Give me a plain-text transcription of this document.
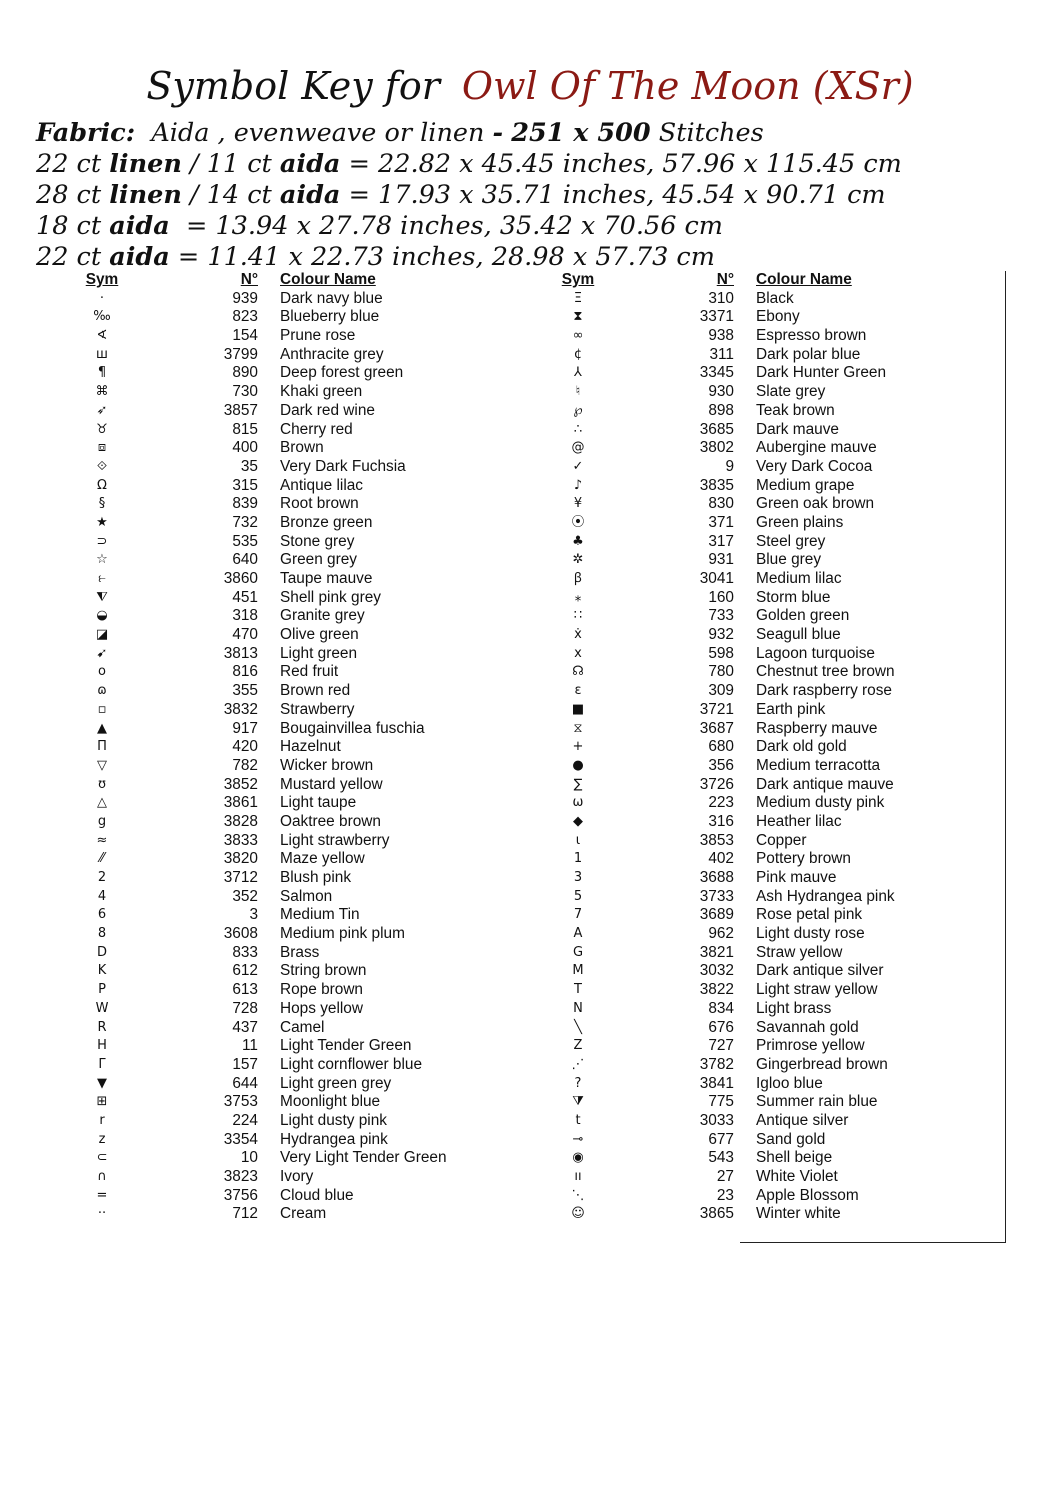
Symbol Key for Owl Of The Moon (XSr)
Fabric: Aida , evenweave or linen - 251 x 500 Stitches
22 ct linen / 11 ct aida = 22.82 x 45.45 inches, 57.96 x 115.45 cm
28 ct linen / 14 ct aida = 17.93 x 35.71 inches, 45.54 x 90.71 cm
18 ct aida = 13.94 x 27.78 inches, 35.42 x 70.56 cm
22 ct aida = 11.41 x 22.73 inches, 28.98 x 57.73 cm
Sym	N° Colour Name
·	939 Dark navy blue
‰	823 Blueberry blue
∢	154 Prune rose
ш	3799 Anthracite grey
¶	890 Deep forest green
⌘	730 Khaki green
➶	3857 Dark red wine
♉	815 Cherry red
⧈	400 Brown
⟐	35 Very Dark Fuchsia
Ω	315 Antique lilac
§	839 Root brown
★	732 Bronze green
⊃	535 Stone grey
☆	640 Green grey
⥼	3860 Taupe mauve
⧨	451 Shell pink grey
◒	318 Granite grey
◪	470 Olive green
➹	3813 Light green
o	816 Red fruit
ɷ	355 Brown red
▫	3832 Strawberry
▲	917 Bougainvillea fuschia
Π	420 Hazelnut
▽	782 Wicker brown
ʊ	3852 Mustard yellow
△	3861 Light taupe
g	3828 Oaktree brown
≈	3833 Light strawberry
⁄⁄	3820 Maze yellow
2	3712 Blush pink
4	352 Salmon
6	3 Medium Tin
8	3608 Medium pink plum
D	833 Brass
K	612 String brown
P	613 Rope brown
W	728 Hops yellow
R	437 Camel
H	11 Light Tender Green
Γ	157 Light cornflower blue
▼	644 Light green grey
⊞	3753 Moonlight blue
r	224 Light dusty pink
z	3354 Hydrangea pink
⊂	10 Very Light Tender Green
∩	3823 Ivory
=	3756 Cloud blue
··	712 Cream
Sym	N° Colour Name
Ξ	310 Black
⧗	3371 Ebony
∞	938 Espresso brown
¢	311 Dark polar blue
⅄	3345 Dark Hunter Green
♮	930 Slate grey
℘	898 Teak brown
∴	3685 Dark mauve
@	3802 Aubergine mauve
✓	9 Very Dark Cocoa
♪	3835 Medium grape
¥	830 Green oak brown
⦿	371 Green plains
♣	317 Steel grey
✲	931 Blue grey
ꞵ	3041 Medium lilac
⁎	160 Storm blue
∷	733 Golden green
ẋ	932 Seagull blue
x	598 Lagoon turquoise
☊	780 Chestnut tree brown
ɛ	309 Dark raspberry rose
■	3721 Earth pink
⧖	3687 Raspberry mauve
+	680 Dark old gold
●	356 Medium terracotta
∑	3726 Dark antique mauve
ω	223 Medium dusty pink
◆	316 Heather lilac
ɩ	3853 Copper
1	402 Pottery brown
3	3688 Pink mauve
5	3733 Ash Hydrangea pink
7	3689 Rose petal pink
A	962 Light dusty rose
G	3821 Straw yellow
M	3032 Dark antique silver
T	3822 Light straw yellow
N	834 Light brass
╲	676 Savannah gold
Z	727 Primrose yellow
⋰	3782 Gingerbread brown
?	3841 Igloo blue
⧩	775 Summer rain blue
t	3033 Antique silver
⊸	677 Sand gold
◉	543 Shell beige
ıı	27 White Violet
⋱	23 Apple Blossom
☺	3865 Winter white
